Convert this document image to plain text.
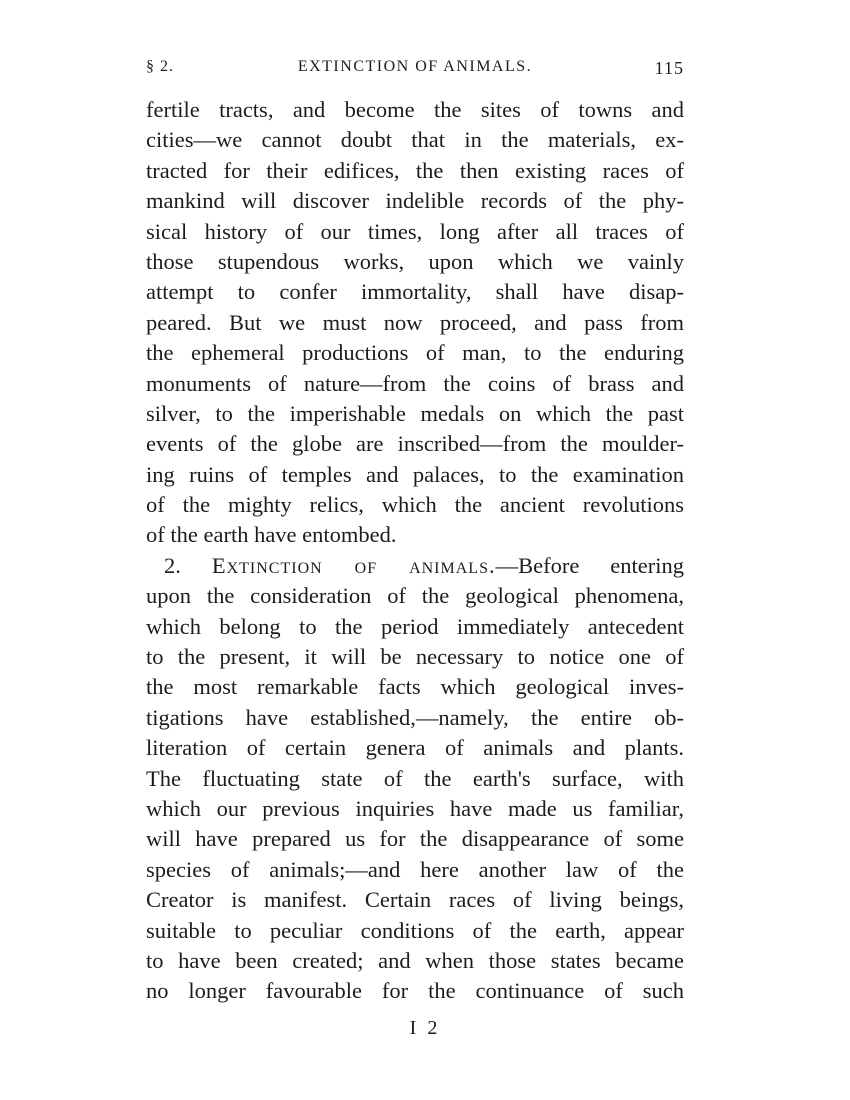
§ 2.	EXTINCTION OF ANIMALS.	115
fertile tracts, and become the sites of towns and
cities—we cannot doubt that in the materials, ex-
tracted for their edifices, the then existing races of
mankind will discover indelible records of the phy-
sical history of our times, long after all traces of
those stupendous works, upon which we vainly
attempt to confer immortality, shall have disap-
peared. But we must now proceed, and pass from
the ephemeral productions of man, to the enduring
monuments of nature—from the coins of brass and
silver, to the imperishable medals on which the past
events of the globe are inscribed—from the moulder-
ing ruins of temples and palaces, to the examination
of the mighty relics, which the ancient revolutions
of the earth have entombed.
2. Extinction of animals.—Before entering
upon the consideration of the geological phenomena,
which belong to the period immediately antecedent
to the present, it will be necessary to notice one of
the most remarkable facts which geological inves-
tigations have established,—namely, the entire ob-
literation of certain genera of animals and plants.
The fluctuating state of the earth's surface, with
which our previous inquiries have made us familiar,
will have prepared us for the disappearance of some
species of animals;—and here another law of the
Creator is manifest. Certain races of living beings,
suitable to peculiar conditions of the earth, appear
to have been created; and when those states became
no longer favourable for the continuance of such
I 2
